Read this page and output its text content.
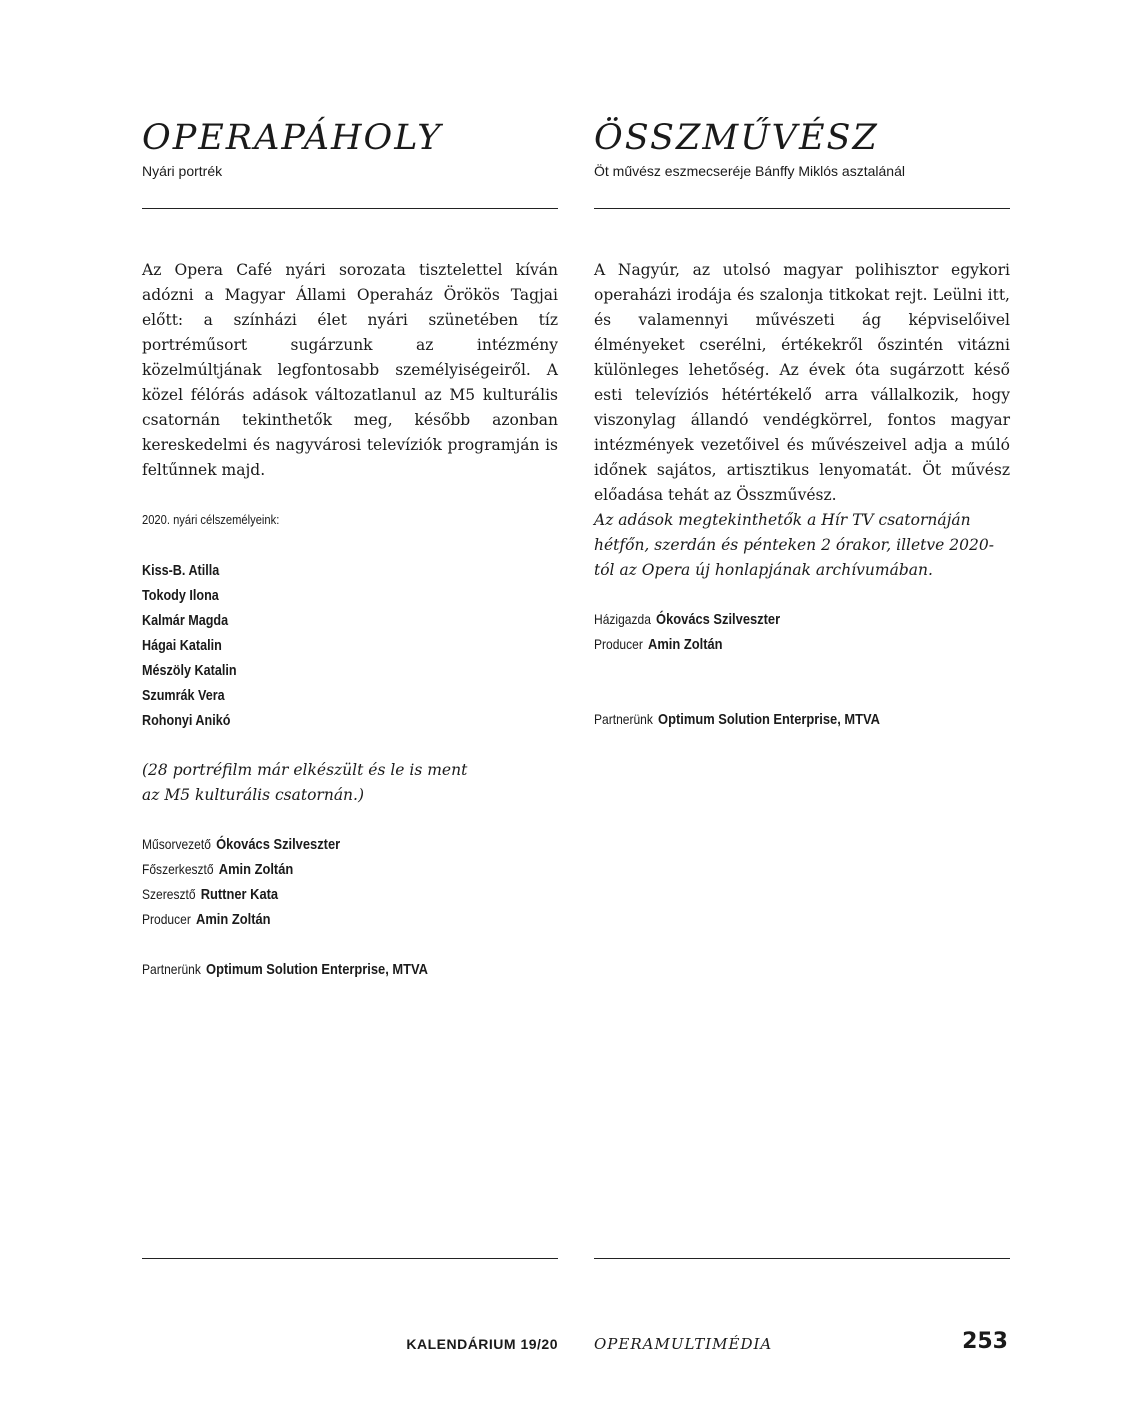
OPERAPÁHOLY
Nyári portrék

Az Opera Café nyári sorozata tisztelettel kíván adózni a Magyar Állami Operaház Örökös Tagjai előtt: a színházi élet nyári szünetében tíz portréműsort sugárzunk az intézmény közelmúltjának legfontosabb személyiségeiről. A közel félórás adások változatlanul az M5 kulturális csatornán tekinthetők meg, később azonban kereskedelmi és nagyvárosi televíziók programján is feltűnnek majd.

2020. nyári célszemélyeink:
Kiss-B. Atilla
Tokody Ilona
Kalmár Magda
Hágai Katalin
Mészöly Katalin
Szumrák Vera
Rohonyi Anikó
(28 portréfilm már elkészült és le is ment
az M5 kulturális csatornán.)
Műsorvezető Ókovács Szilveszter
Főszerkesztő Amin Zoltán
Szeresztő Ruttner Kata
Producer Amin Zoltán
Partnerünk Optimum Solution Enterprise, MTVA
ÖSSZMŰVÉSZ
Öt művész eszmecseréje Bánffy Miklós asztalánál

A Nagyúr, az utolsó magyar polihisztor egykori operaházi irodája és szalonja titkokat rejt. Leülni itt, és valamennyi művészeti ág képviselőivel élményeket cserélni, értékekről őszintén vitázni különleges lehetőség. Az évek óta sugárzott késő esti televíziós hétértékelő arra vállalkozik, hogy viszonylag állandó vendégkörrel, fontos magyar intézmények vezetőivel és művészeivel adja a múló időnek sajátos, artisztikus lenyomatát. Öt művész előadása tehát az Összművész.

Az adások megtekinthetők a Hír TV csatornáján hétfőn, szerdán és pénteken 2 órakor, illetve 2020-tól az Opera új honlapjának archívumában.

Házigazda Ókovács Szilveszter
Producer Amin Zoltán
Partnerünk Optimum Solution Enterprise, MTVA
KALENDÁRIUM 19/20 OPERAMULTIMÉDIA	253
